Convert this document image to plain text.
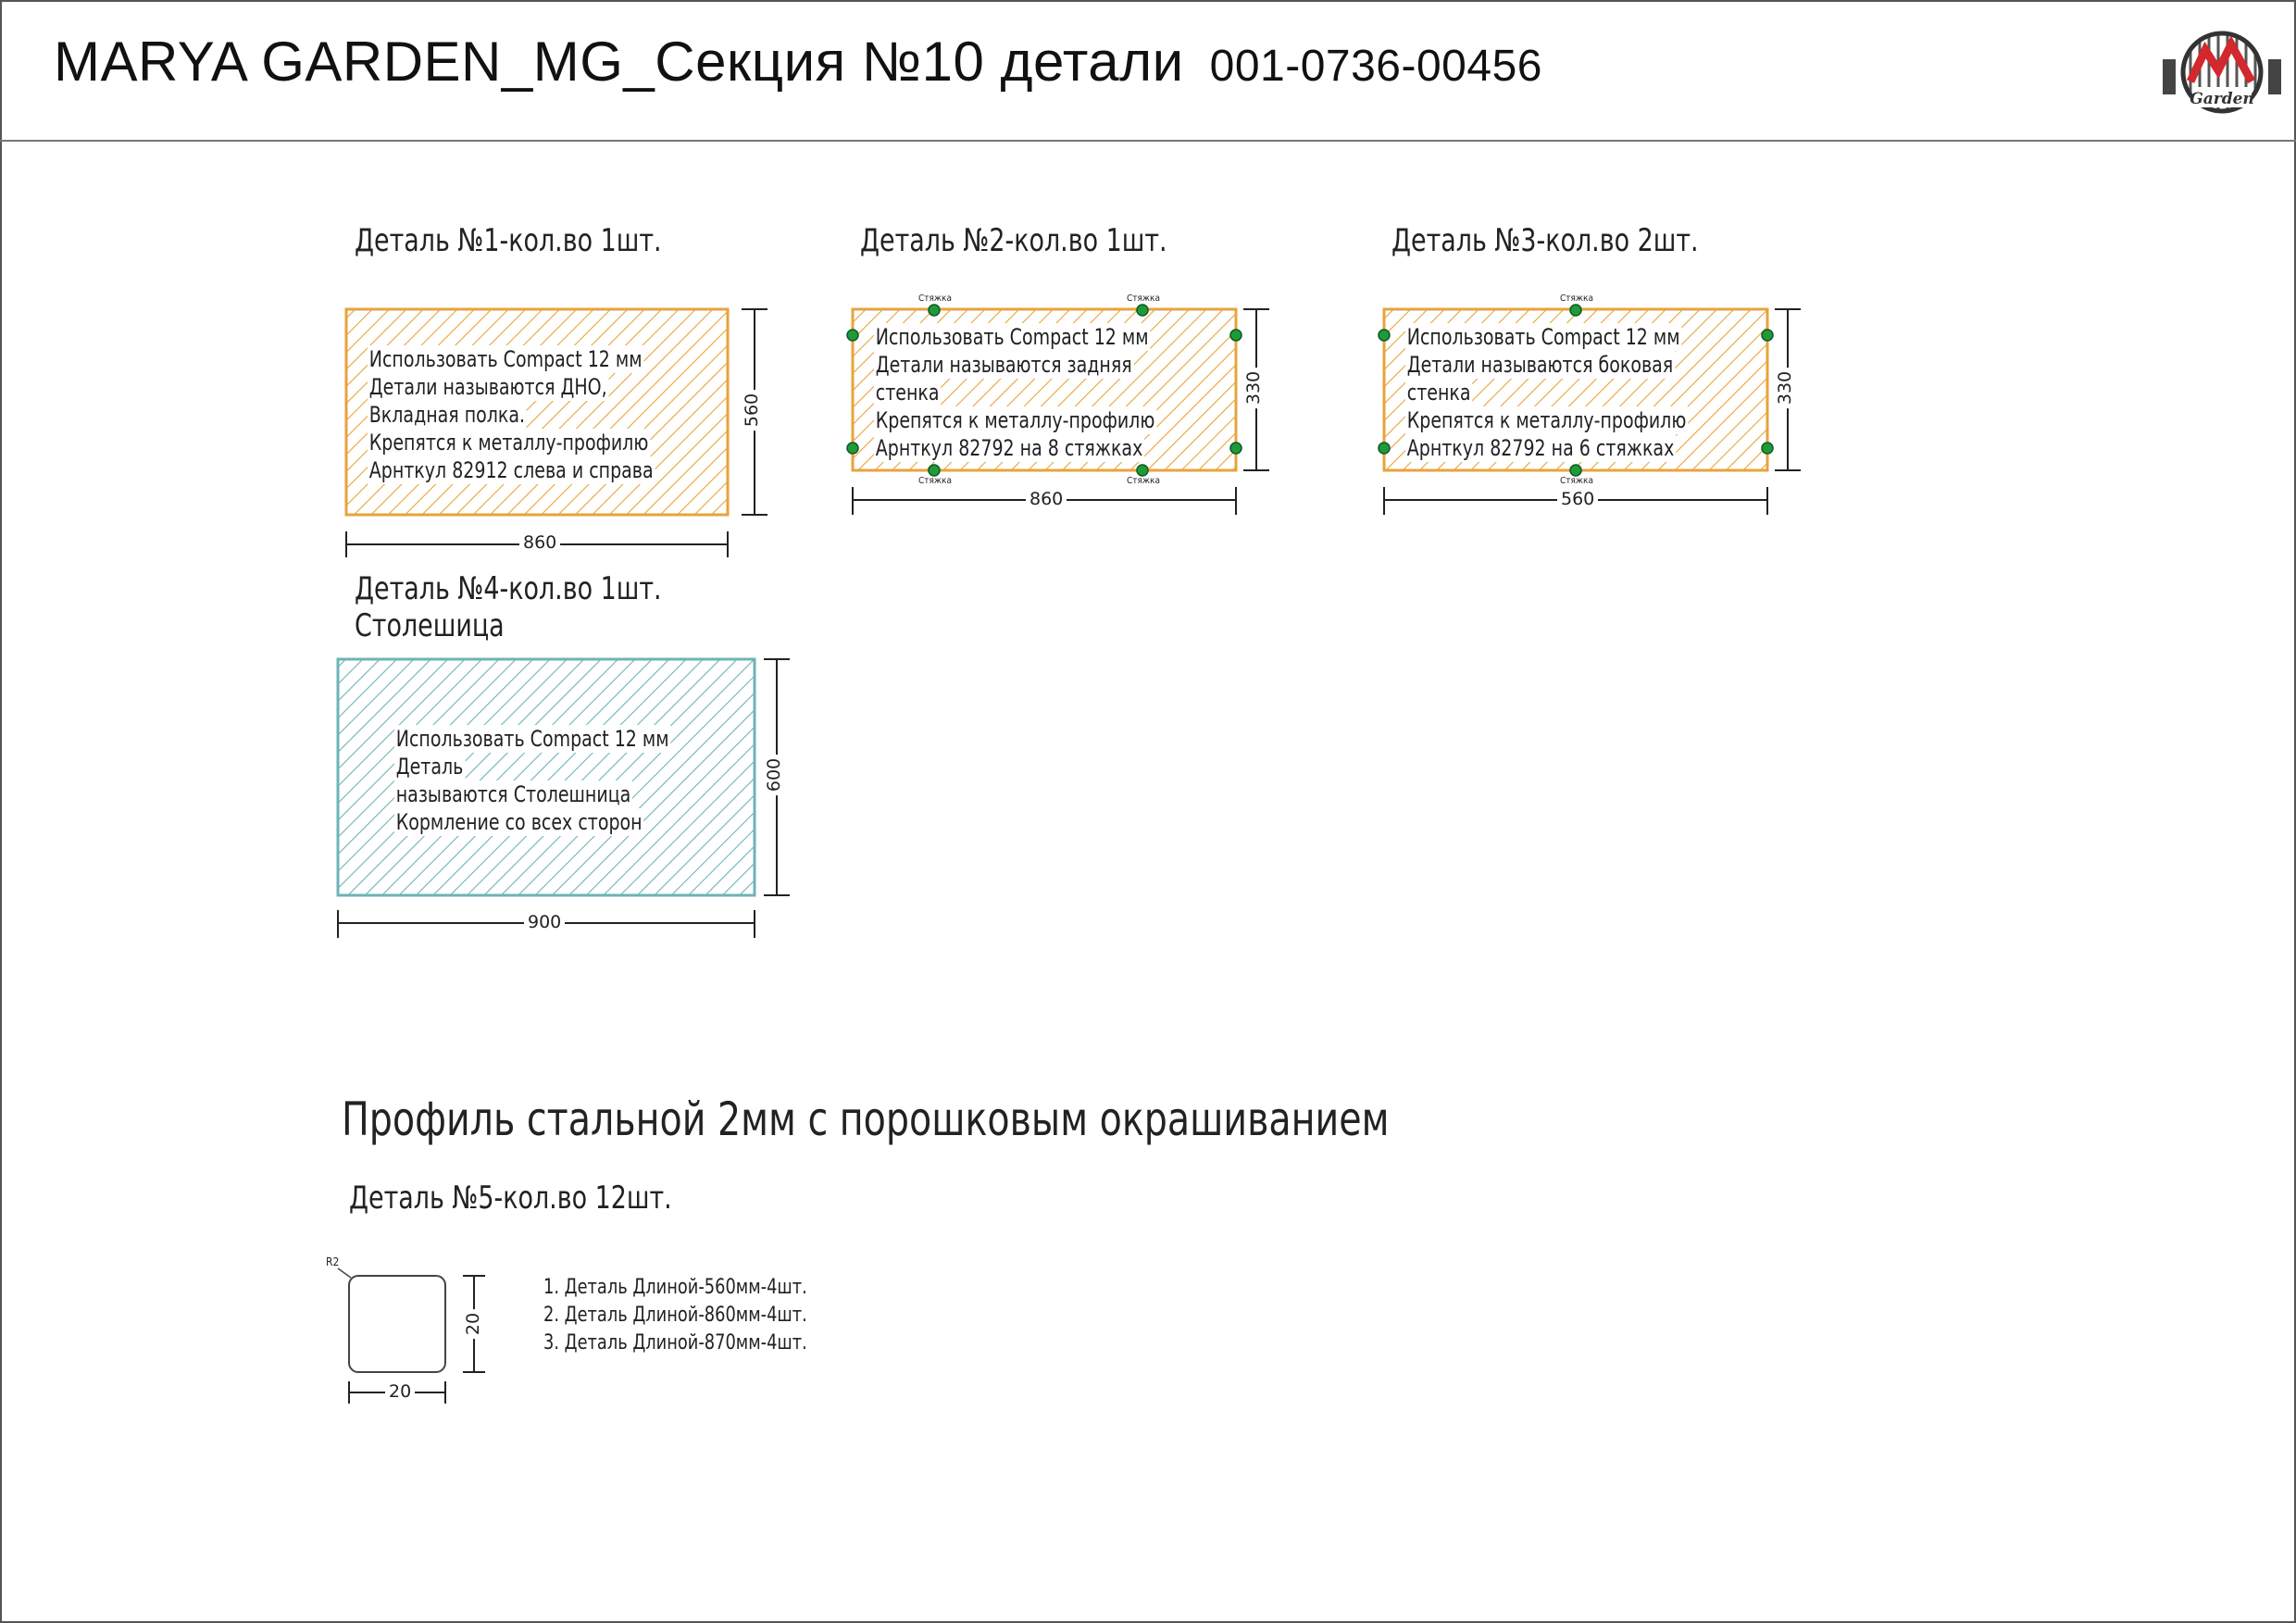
MARYA GARDEN_MG_Секция №10 детали 001-0736-00456
Garden
Деталь №1-кол.во 1шт.	Деталь №2-кол.во 1шт.	Деталь №3-кол.во 2шт.
Деталь №4-кол.во 1шт.
Столешица
Использовать Compact 12 мм
Детали называются ДНО,
Вкладная полка.
Крепятся к металлу-профилю
Арнткул 82912 слева и справа
Использовать Compact 12 мм
Детали называются задняя
стенка
Крепятся к металлу-профилю
Арнткул 82792 на 8 стяжках
Использовать Compact 12 мм
Детали называются боковая
стенка
Крепятся к металлу-профилю
Арнткул 82792 на 6 стяжках
Использовать Compact 12 мм
Деталь
называются Столешница
Кормление со всех сторон
860
560
860
330
560
330
900
600
Стяжка	Стяжка
Стяжка	Стяжка
Стяжка
Стяжка
Профиль стальной 2мм с порошковым окрашиванием
Деталь №5-кол.во 12шт.
R2
20
20
1. Деталь Длиной-560мм-4шт.
2. Деталь Длиной-860мм-4шт.
3. Деталь Длиной-870мм-4шт.
